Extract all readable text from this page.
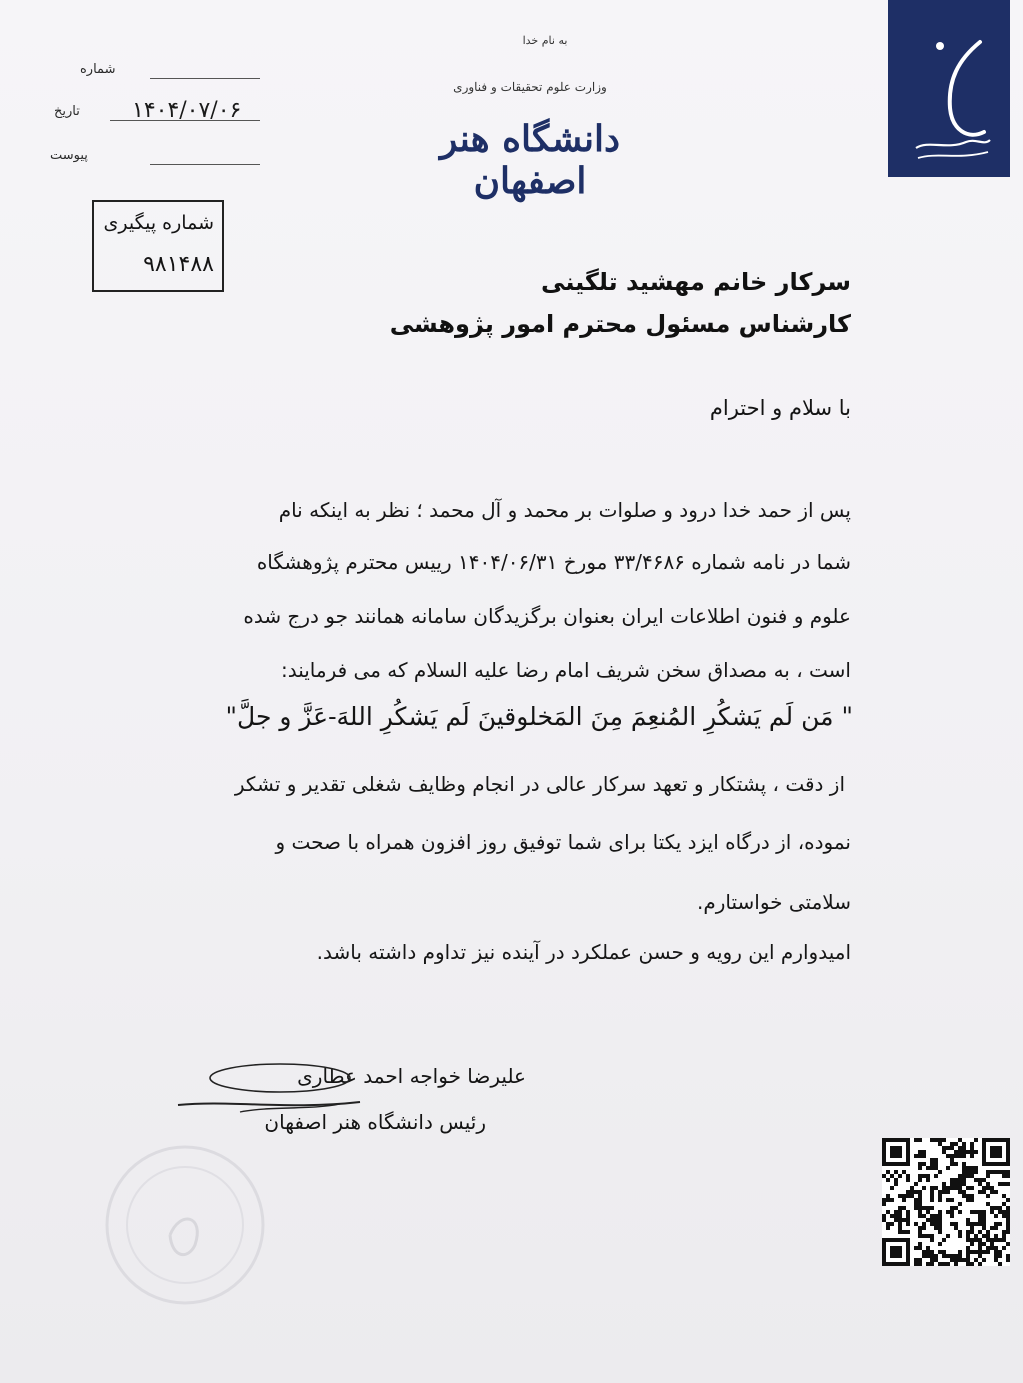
شماره
تاریخ ۱۴۰۴/۰۷/۰۶
پیوست
به نام خدا
وزارت علوم تحقیقات و فناوری
دانشگاه هنر اصفهان
شماره پیگیری
۹۸۱۴۸۸
سرکار خانم مهشید تلگینی
کارشناس مسئول محترم امور پژوهشی
با سلام و احترام
پس از حمد خدا درود و صلوات بر محمد و آل محمد ؛ نظر به اینکه نام
شما در نامه شماره ۳۳/۴۶۸۶ مورخ ۱۴۰۴/۰۶/۳۱ رییس محترم پژوهشگاه
علوم و فنون اطلاعات ایران بعنوان برگزیدگان سامانه همانند جو درج شده
است ، به مصداق سخن شریف امام رضا علیه السلام که می فرمایند:
" مَن لَم يَشكُرِ المُنعِمَ مِنَ المَخلوقينَ لَم يَشكُرِ اللهَ-عَزَّ و جلَّ"
از دقت ، پشتکار و تعهد سرکار عالی در انجام وظایف شغلی تقدیر و تشکر
نموده، از درگاه ایزد یکتا برای شما توفیق روز افزون همراه با صحت و
سلامتی خواستارم.
امیدوارم این رویه و حسن عملکرد در آینده نیز تداوم داشته باشد.
علیرضا خواجه احمد عطاری
رئیس دانشگاه هنر اصفهان
